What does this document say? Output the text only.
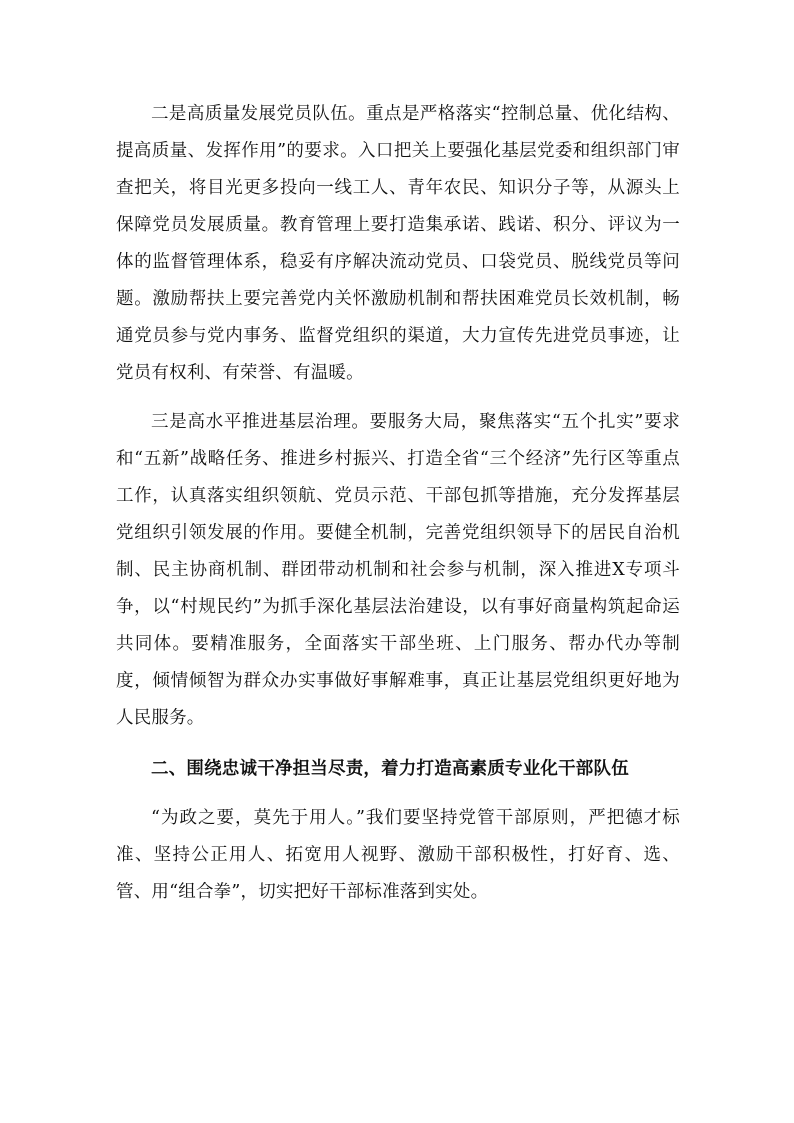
二是高质量发展党员队伍。重点是严格落实“控制总量、优化结构、提高质量、发挥作用”的要求。入口把关上要强化基层党委和组织部门审查把关，将目光更多投向一线工人、青年农民、知识分子等，从源头上保障党员发展质量。教育管理上要打造集承诺、践诺、积分、评议为一体的监督管理体系，稳妥有序解决流动党员、口袋党员、脱线党员等问题。激励帮扶上要完善党内关怀激励机制和帮扶困难党员长效机制，畅通党员参与党内事务、监督党组织的渠道，大力宣传先进党员事迹，让党员有权利、有荣誉、有温暖。

三是高水平推进基层治理。要服务大局，聚焦落实“五个扎实”要求和“五新”战略任务、推进乡村振兴、打造全省“三个经济”先行区等重点工作，认真落实组织领航、党员示范、干部包抓等措施，充分发挥基层党组织引领发展的作用。要健全机制，完善党组织领导下的居民自治机制、民主协商机制、群团带动机制和社会参与机制，深入推进X专项斗争，以“村规民约”为抓手深化基层法治建设，以有事好商量构筑起命运共同体。要精准服务，全面落实干部坐班、上门服务、帮办代办等制度，倾情倾智为群众办实事做好事解难事，真正让基层党组织更好地为人民服务。

二、围绕忠诚干净担当尽责，着力打造高素质专业化干部队伍

“为政之要，莫先于用人。”我们要坚持党管干部原则，严把德才标准、坚持公正用人、拓宽用人视野、激励干部积极性，打好育、选、管、用“组合拳”，切实把好干部标准落到实处。
